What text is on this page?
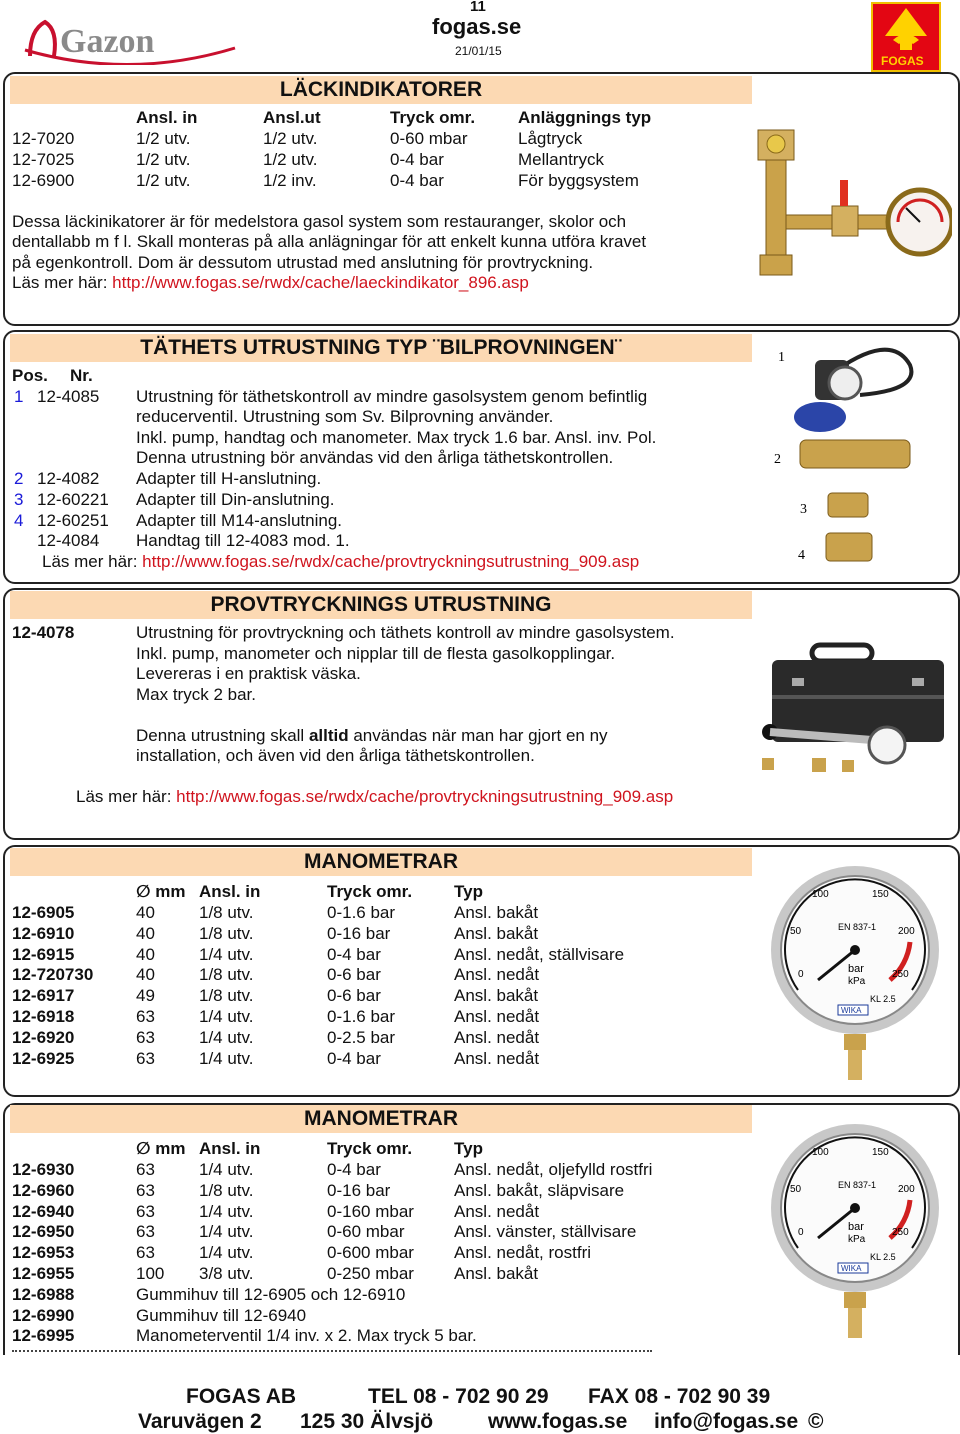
Gazon
11
fogas.se
21/01/15
FOGAS
LÄCKINDIKATORER
Ansl. in	Ansl.ut	Tryck omr.	Anläggnings typ
12-7020	1/2 utv.	1/2 utv.	0-60 mbar	Lågtryck
12-7025	1/2 utv.	1/2 utv.	0-4 bar	Mellantryck
12-6900	1/2 utv.	1/2 inv.	0-4 bar	För byggsystem
Dessa läckinikatorer är för medelstora gasol system som restauranger, skolor och
dentallabb m f l. Skall monteras på alla anlägningar för att enkelt kunna utföra kravet
på egenkontroll. Dom är dessutom utrustad med anslutning för provtryckning.
Läs mer här: http://www.fogas.se/rwdx/cache/laeckindikator_896.asp
TÄTHETS UTRUSTNING TYP ¨BILPROVNINGEN¨
Pos. Nr.
1 12-4085 Utrustning för täthetskontroll av mindre gasolsystem genom befintlig
reducerventil. Utrustning som Sv. Bilprovning använder.
Inkl. pump, handtag och manometer. Max tryck 1.6 bar. Ansl. inv. Pol.
Denna utrustning bör användas vid den årliga täthetskontrollen.
2 12-4082 Adapter till H-anslutning.
3 12-60221 Adapter till Din-anslutning.
4 12-60251 Adapter till M14-anslutning.
12-4084 Handtag till 12-4083 mod. 1.
Läs mer här: http://www.fogas.se/rwdx/cache/provtryckningsutrustning_909.asp
1
2
3
4
PROVTRYCKNINGS UTRUSTNING
12-4078	Utrustning för provtryckning och täthets kontroll av mindre gasolsystem.
Inkl. pump, manometer och nipplar till de flesta gasolkopplingar.
Levereras i en praktisk väska.
Max tryck 2 bar.
Denna utrustning skall alltid användas när man har gjort en ny
installation, och även vid den årliga täthetskontrollen.
Läs mer här: http://www.fogas.se/rwdx/cache/provtryckningsutrustning_909.asp
MANOMETRAR
∅ mm Ansl. in	Tryck omr. Typ
12-6905	40	1/8 utv.	0-1.6 bar	Ansl. bakåt
12-6910	40	1/8 utv.	0-16 bar	Ansl. bakåt
12-6915	40	1/4 utv.	0-4 bar	Ansl. nedåt, ställvisare
12-720730	40	1/8 utv.	0-6 bar	Ansl. nedåt
12-6917	49	1/8 utv.	0-6 bar	Ansl. bakåt
12-6918	63	1/4 utv.	0-1.6 bar	Ansl. nedåt
12-6920	63	1/4 utv.	0-2.5 bar	Ansl. nedåt
12-6925	63	1/4 utv.	0-4 bar	Ansl. nedåt
0
50
100	150
200
250
EN 837-1
bar
kPa
KL 2.5
WIKA
MANOMETRAR
∅ mm Ansl. in	Tryck omr. Typ
12-6930	63	1/4 utv.	0-4 bar	Ansl. nedåt, oljefylld rostfri
12-6960	63	1/8 utv.	0-16 bar	Ansl. bakåt, släpvisare
12-6940	63	1/4 utv.	0-160 mbar Ansl. nedåt
12-6950	63	1/4 utv.	0-60 mbar	Ansl. vänster, ställvisare
12-6953	63	1/4 utv.	0-600 mbar Ansl. nedåt, rostfri
12-6955	100 3/8 utv.	0-250 mbar Ansl. bakåt
12-6988	Gummihuv till 12-6905 och 12-6910
12-6990	Gummihuv till 12-6940
12-6995	Manometerventil 1/4 inv. x 2. Max tryck 5 bar.
0
50
100	150
200
250
EN 837-1
bar
kPa
KL 2.5
WIKA
FOGAS AB	TEL 08 - 702 90 29 FAX 08 - 702 90 39
Varuvägen 2 125 30 Älvsjö	www.fogas.se info@fogas.se ©
